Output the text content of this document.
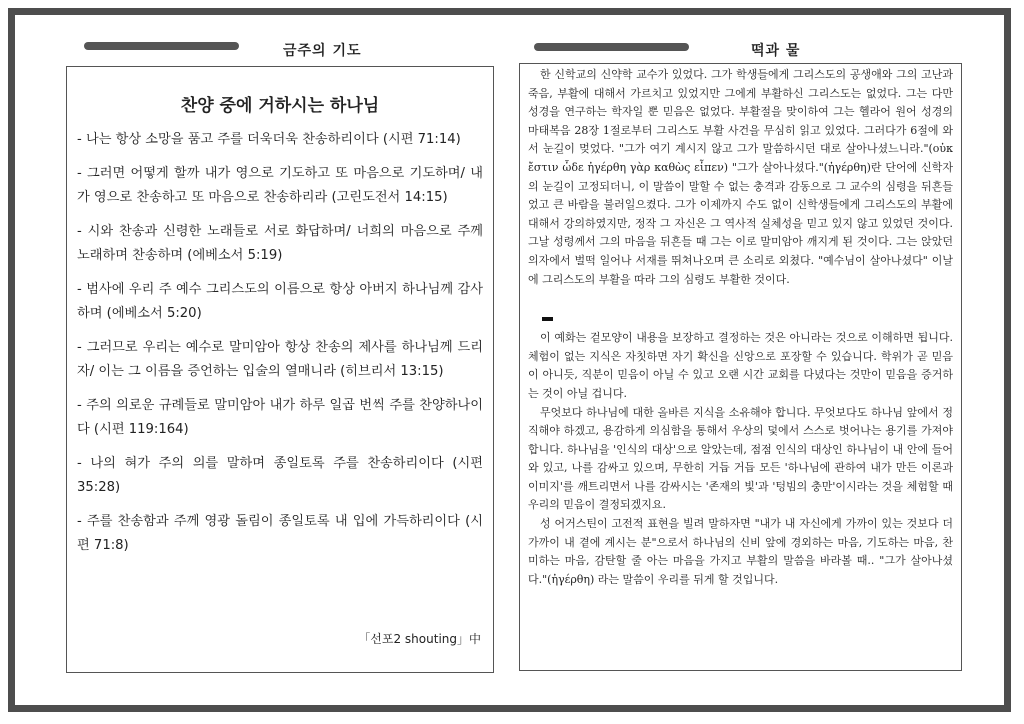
금주의 기도
찬양 중에 거하시는 하나님
- 나는 항상 소망을 품고 주를 더욱더욱 찬송하리이다 (시편 71:14)
- 그러면 어떻게 할까 내가 영으로 기도하고 또 마음으로 기도하며/ 내가 영으로 찬송하고 또 마음으로 찬송하리라 (고린도전서 14:15)
- 시와 찬송과 신령한 노래들로 서로 화답하며/ 너희의 마음으로 주께 노래하며 찬송하며 (에베소서 5:19)
- 범사에 우리 주 예수 그리스도의 이름으로 항상 아버지 하나님께 감사하며 (에베소서 5:20)
- 그러므로 우리는 예수로 말미암아 항상 찬송의 제사를 하나님께 드리자/ 이는 그 이름을 증언하는 입술의 열매니라 (히브리서 13:15)
- 주의 의로운 규례들로 말미암아 내가 하루 일곱 번씩 주를 찬양하나이다 (시편 119:164)
- 나의 혀가 주의 의를 말하며 종일토록 주를 찬송하리이다 (시편 35:28)
- 주를 찬송함과 주께 영광 돌림이 종일토록 내 입에 가득하리이다 (시편 71:8)
「선포2 shouting」中
떡과 물

한 신학교의 신약학 교수가 있었다. 그가 학생들에게 그리스도의 공생애와 그의 고난과 죽음, 부활에 대해서 가르치고 있었지만 그에게 부활하신 그리스도는 없었다. 그는 다만 성경을 연구하는 학자일 뿐 믿음은 없었다. 부활절을 맞이하여 그는 헬라어 원어 성경의 마태복음 28장 1절로부터 그리스도 부활 사건을 무심히 읽고 있었다. 그러다가 6절에 와서 눈길이 멎었다. "그가 여기 계시지 않고 그가 말씀하시던 대로 살아나셨느니라."(οὐκ ἔστιν ὧδε ἠγέρθη γὰρ καθὼς εἶπεν) "그가 살아나셨다."(ἠγέρθη)란 단어에 신학자의 눈길이 고정되더니, 이 말씀이 말할 수 없는 충격과 감동으로 그 교수의 심령을 뒤흔들었고 큰 바람을 불러일으켰다. 그가 이제까지 수도 없이 신학생들에게 그리스도의 부활에 대해서 강의하였지만, 정작 그 자신은 그 역사적 실체성을 믿고 있지 않고 있었던 것이다. 그날 성령께서 그의 마음을 뒤흔들 때 그는 이로 말미암아 깨지게 된 것이다. 그는 앉았던 의자에서 벌떡 일어나 서재를 뛰쳐나오며 큰 소리로 외쳤다. "예수님이 살아나셨다" 이날에 그리스도의 부활을 따라 그의 심령도 부활한 것이다.

이 예화는 겉모양이 내용을 보장하고 결정하는 것은 아니라는 것으로 이해하면 됩니다. 체험이 없는 지식은 자칫하면 자기 확신을 신앙으로 포장할 수 있습니다. 학위가 곧 믿음이 아니듯, 직분이 믿음이 아닐 수 있고 오랜 시간 교회를 다녔다는 것만이 믿음을 증거하는 것이 아닐 겁니다.

무엇보다 하나님에 대한 올바른 지식을 소유해야 합니다. 무엇보다도 하나님 앞에서 정직해야 하겠고, 용감하게 의심함을 통해서 우상의 덫에서 스스로 벗어나는 용기를 가져야 합니다. 하나님을 '인식의 대상'으로 알았는데, 점점 인식의 대상인 하나님이 내 안에 들어와 있고, 나를 감싸고 있으며, 무한히 거듭 거듭 모든 '하나님에 관하여 내가 만든 이론과 이미지'를 깨트리면서 나를 감싸시는 '존재의 빛'과 '텅빔의 충만'이시라는 것을 체험할 때 우리의 믿음이 결정되겠지요.

성 어거스틴이 고전적 표현을 빌려 말하자면 "내가 내 자신에게 가까이 있는 것보다 더 가까이 내 곁에 계시는 분"으로서 하나님의 신비 앞에 경외하는 마음, 기도하는 마음, 찬미하는 마음, 감탄할 줄 아는 마음을 가지고 부활의 말씀을 바라볼 때.. "그가 살아나셨다."(ἠγέρθη) 라는 말씀이 우리를 뒤게 할 것입니다.
